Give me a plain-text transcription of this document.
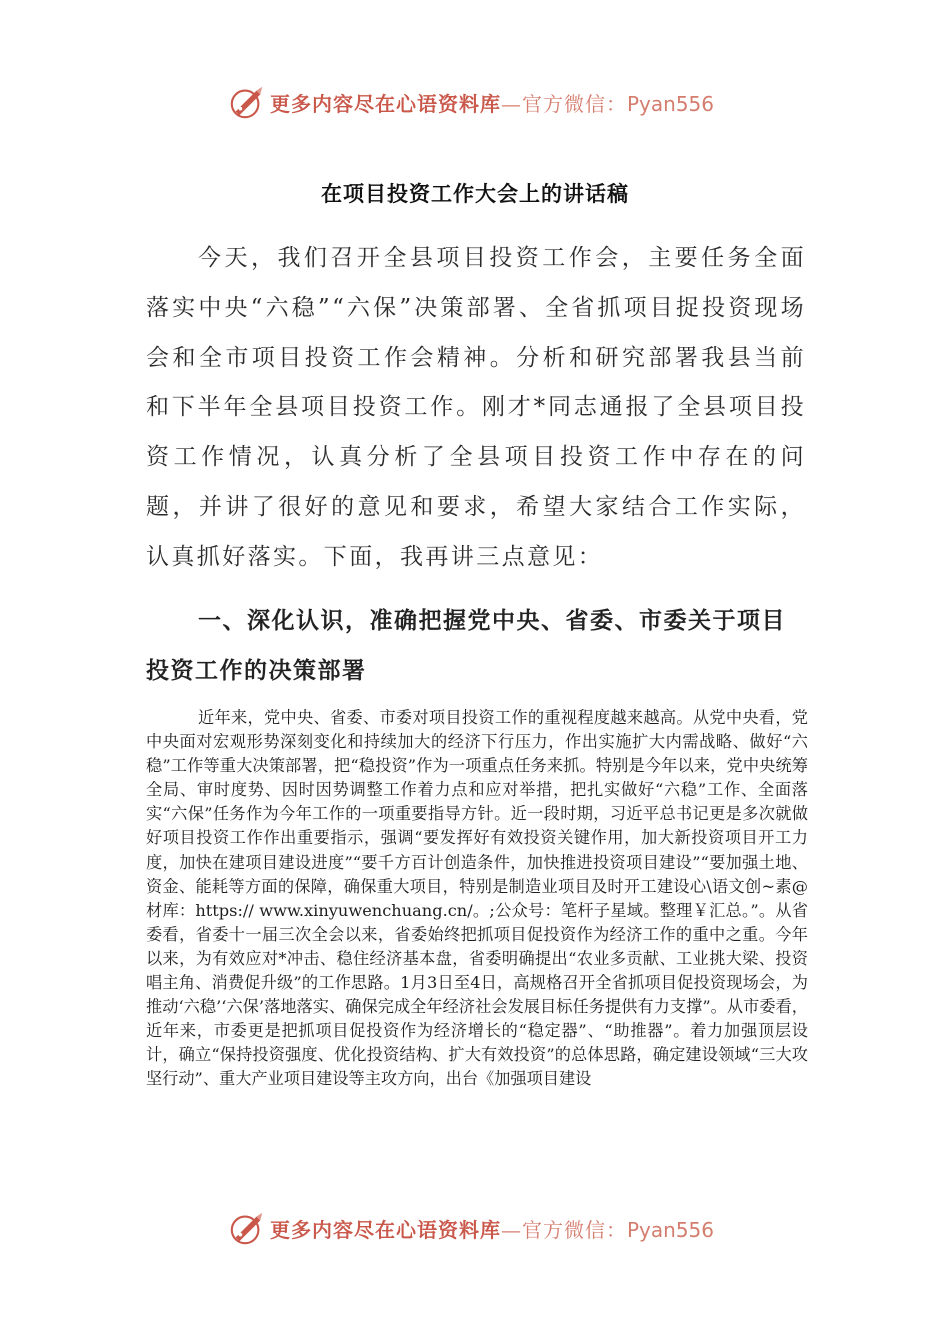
更多内容尽在心语资料库—官方微信：Pyan556
在项目投资工作大会上的讲话稿

今天，我们召开全县项目投资工作会，主要任务全面落实中央“六稳”“六保”决策部署、全省抓项目捉投资现场会和全市项目投资工作会精神。分析和研究部署我县当前和下半年全县项目投资工作。刚才*同志通报了全县项目投资工作情况，认真分析了全县项目投资工作中存在的问题，并讲了很好的意见和要求，希望大家结合工作实际，认真抓好落实。下面，我再讲三点意见：

一、深化认识，准确把握党中央、省委、市委关于项目投资工作的决策部署

近年来，党中央、省委、市委对项目投资工作的重视程度越来越高。从党中央看，党中央面对宏观形势深刻变化和持续加大的经济下行压力，作出实施扩大内需战略、做好“六稳”工作等重大决策部署，把“稳投资”作为一项重点任务来抓。特别是今年以来，党中央统筹全局、审时度势、因时因势调整工作着力点和应对举措，把扎实做好“六稳”工作、全面落实“六保”任务作为今年工作的一项重要指导方针。近一段时期，习近平总书记更是多次就做好项目投资工作作出重要指示，强调“要发挥好有效投资关键作用，加大新投资项目开工力度，加快在建项目建设进度”“要千方百计创造条件，加快推进投资项目建设”“要加强土地、资金、能耗等方面的保障，确保重大项目，特别是制造业项目及时开工建设心\语文创~素@材库：https:// www.xinyuwenchuang.cn/。;公众号：笔杆子星域。整理￥汇总。”。从省委看，省委十一届三次全会以来，省委始终把抓项目促投资作为经济工作的重中之重。今年以来，为有效应对*冲击、稳住经济基本盘，省委明确提出“农业多贡献、工业挑大梁、投资唱主角、消费促升级”的工作思路。1月3日至4日，高规格召开全省抓项目促投资现场会，为推动‘六稳’‘六保’落地落实、确保完成全年经济社会发展目标任务提供有力支撑”。从市委看，近年来，市委更是把抓项目促投资作为经济增长的“稳定器”、“助推器”。着力加强顶层设计，确立“保持投资强度、优化投资结构、扩大有效投资”的总体思路，确定建设领域“三大攻坚行动”、重大产业项目建设等主攻方向，出台《加强项目建设

更多内容尽在心语资料库—官方微信：Pyan556
